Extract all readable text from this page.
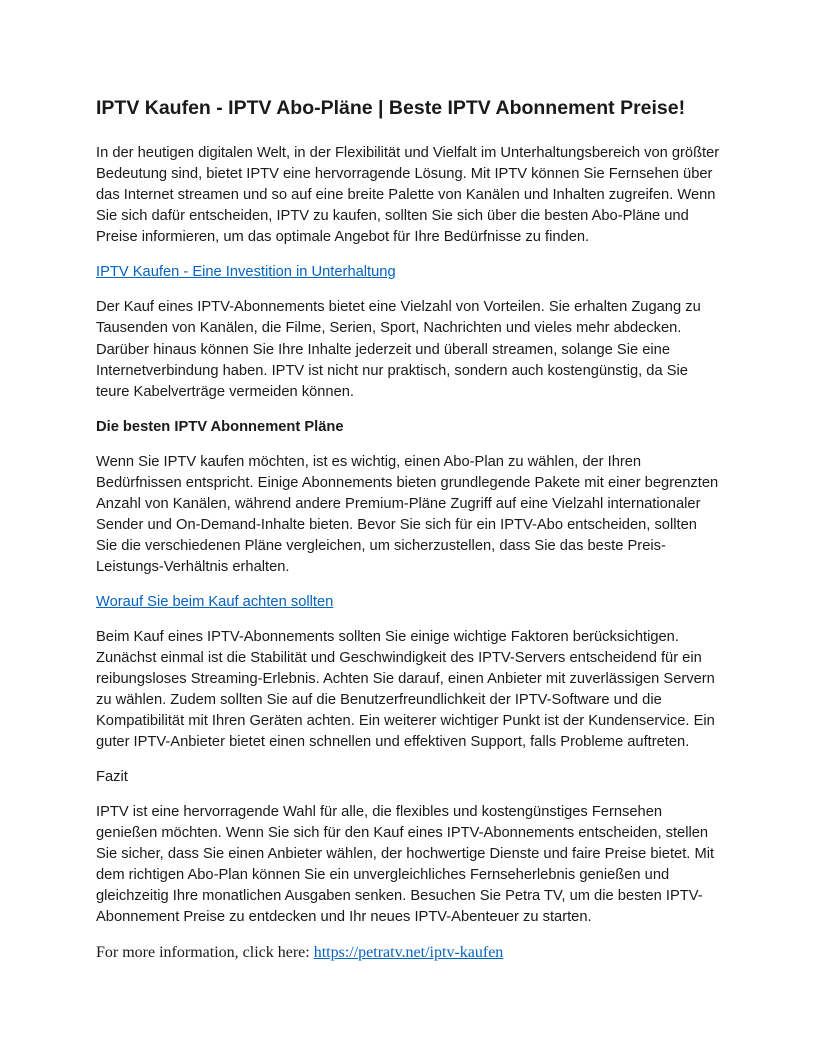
IPTV Kaufen - IPTV Abo-Pläne | Beste IPTV Abonnement Preise!

In der heutigen digitalen Welt, in der Flexibilität und Vielfalt im Unterhaltungsbereich von größter Bedeutung sind, bietet IPTV eine hervorragende Lösung. Mit IPTV können Sie Fernsehen über das Internet streamen und so auf eine breite Palette von Kanälen und Inhalten zugreifen. Wenn Sie sich dafür entscheiden, IPTV zu kaufen, sollten Sie sich über die besten Abo-Pläne und Preise informieren, um das optimale Angebot für Ihre Bedürfnisse zu finden.

IPTV Kaufen - Eine Investition in Unterhaltung

Der Kauf eines IPTV-Abonnements bietet eine Vielzahl von Vorteilen. Sie erhalten Zugang zu Tausenden von Kanälen, die Filme, Serien, Sport, Nachrichten und vieles mehr abdecken. Darüber hinaus können Sie Ihre Inhalte jederzeit und überall streamen, solange Sie eine Internetverbindung haben. IPTV ist nicht nur praktisch, sondern auch kostengünstig, da Sie teure Kabelverträge vermeiden können.

Die besten IPTV Abonnement Pläne

Wenn Sie IPTV kaufen möchten, ist es wichtig, einen Abo-Plan zu wählen, der Ihren Bedürfnissen entspricht. Einige Abonnements bieten grundlegende Pakete mit einer begrenzten Anzahl von Kanälen, während andere Premium-Pläne Zugriff auf eine Vielzahl internationaler Sender und On-Demand-Inhalte bieten. Bevor Sie sich für ein IPTV-Abo entscheiden, sollten Sie die verschiedenen Pläne vergleichen, um sicherzustellen, dass Sie das beste Preis-Leistungs-Verhältnis erhalten.

Worauf Sie beim Kauf achten sollten

Beim Kauf eines IPTV-Abonnements sollten Sie einige wichtige Faktoren berücksichtigen. Zunächst einmal ist die Stabilität und Geschwindigkeit des IPTV-Servers entscheidend für ein reibungsloses Streaming-Erlebnis. Achten Sie darauf, einen Anbieter mit zuverlässigen Servern zu wählen. Zudem sollten Sie auf die Benutzerfreundlichkeit der IPTV-Software und die Kompatibilität mit Ihren Geräten achten. Ein weiterer wichtiger Punkt ist der Kundenservice. Ein guter IPTV-Anbieter bietet einen schnellen und effektiven Support, falls Probleme auftreten.

Fazit

IPTV ist eine hervorragende Wahl für alle, die flexibles und kostengünstiges Fernsehen genießen möchten. Wenn Sie sich für den Kauf eines IPTV-Abonnements entscheiden, stellen Sie sicher, dass Sie einen Anbieter wählen, der hochwertige Dienste und faire Preise bietet. Mit dem richtigen Abo-Plan können Sie ein unvergleichliches Fernseherlebnis genießen und gleichzeitig Ihre monatlichen Ausgaben senken. Besuchen Sie Petra TV, um die besten IPTV-Abonnement Preise zu entdecken und Ihr neues IPTV-Abenteuer zu starten.

For more information, click here: https://petratv.net/iptv-kaufen
